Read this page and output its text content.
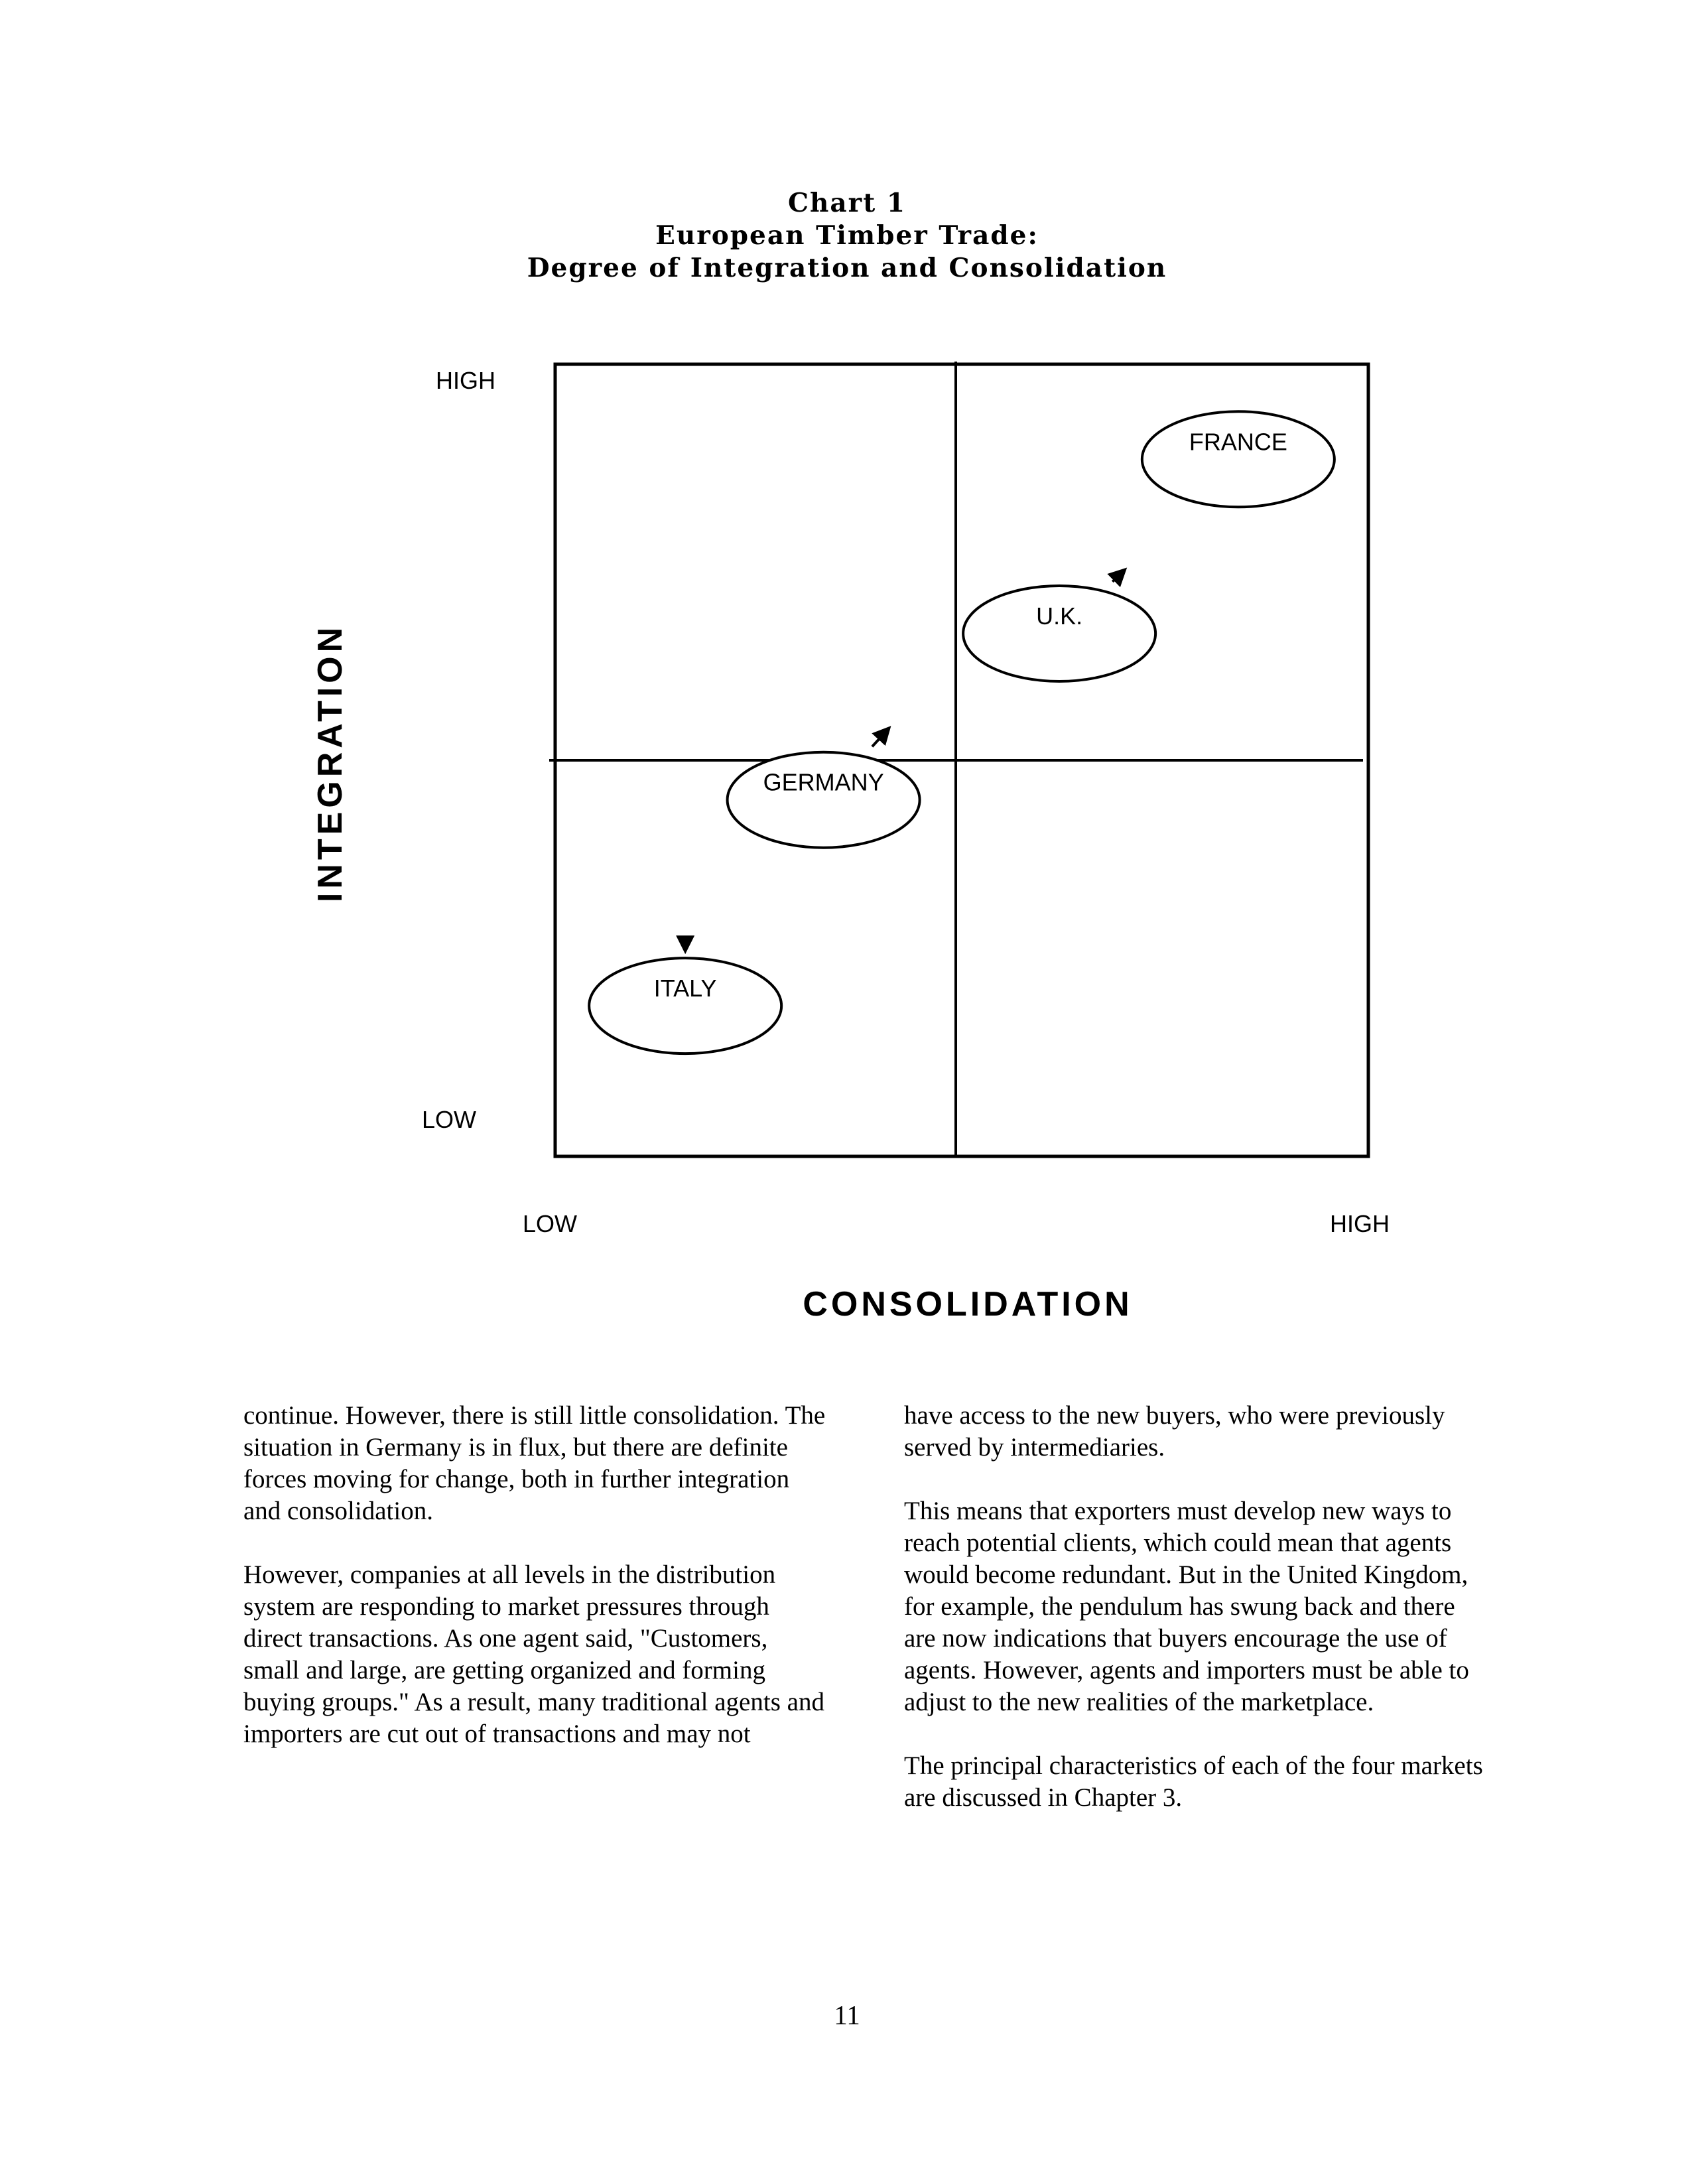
Chart 1
European Timber Trade:
Degree of Integration and Consolidation
FRANCE
U.K.
GERMANY
ITALY
HIGH
LOW
LOW	HIGH
INTEGRATION
CONSOLIDATION

continue. However, there is still little consolidation. The situation in Germany is in flux, but there are definite forces moving for change, both in further integration and consolidation.

However, companies at all levels in the distribution system are responding to market pressures through direct transactions. As one agent said, "Customers, small and large, are getting organized and forming buying groups." As a result, many traditional agents and importers are cut out of transactions and may not

have access to the new buyers, who were previously served by intermediaries.

This means that exporters must develop new ways to reach potential clients, which could mean that agents would become redundant. But in the United Kingdom, for example, the pendulum has swung back and there are now indications that buyers encourage the use of agents. However, agents and importers must be able to adjust to the new realities of the marketplace.

The principal characteristics of each of the four markets are discussed in Chapter 3.

11
